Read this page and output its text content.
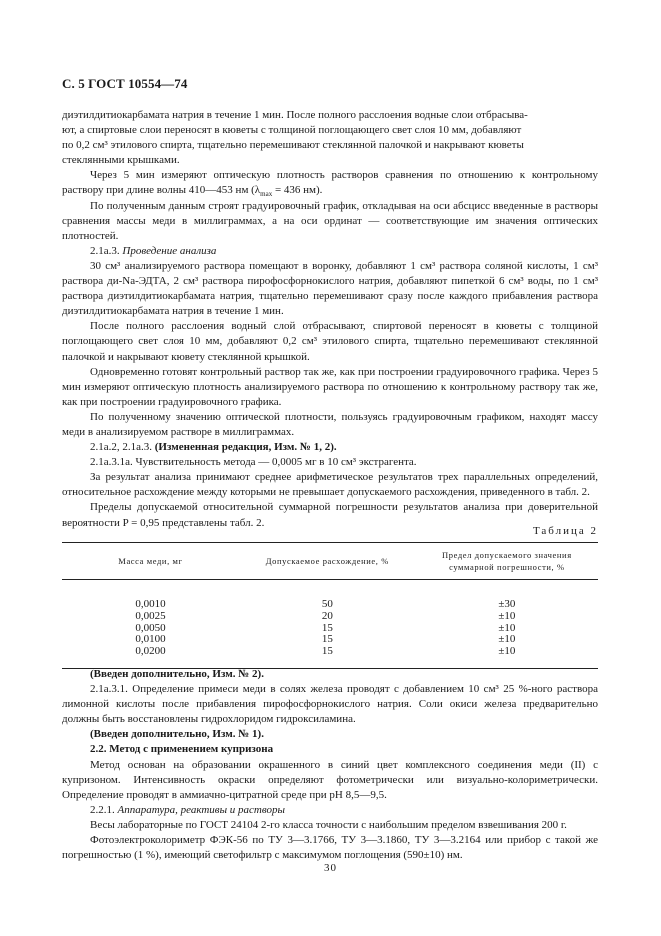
С. 5 ГОСТ 10554—74

диэтилдитиокарбамата натрия в течение 1 мин. После полного расслоения водные слои отбрасыва-

ют, а спиртовые слои переносят в кюветы с толщиной поглощающего свет слоя 10 мм, добавляют

по 0,2 см³ этилового спирта, тщательно перемешивают стеклянной палочкой и накрывают кюветы

стеклянными крышками.

Через 5 мин измеряют оптическую плотность растворов сравнения по отношению к контрольному раствору при длине волны 410—453 нм ($\lambda_{max} = 436$ нм).

По полученным данным строят градуировочный график, откладывая на оси абсцисс введенные в растворы сравнения массы меди в миллиграммах, а на оси ординат — соответствующие им значения оптических плотностей.

2.1а.3. Проведение анализа

30 см³ анализируемого раствора помещают в воронку, добавляют 1 см³ раствора соляной кислоты, 1 см³ раствора ди-Na-ЭДТА, 2 см³ раствора пирофосфорнокислого натрия, добавляют пипеткой 6 см³ воды, по 1 см³ раствора диэтилдитиокарбамата натрия, тщательно перемешивают сразу после каждого прибавления раствора диэтилдитиокарбамата натрия в течение 1 мин.

После полного расслоения водный слой отбрасывают, спиртовой переносят в кюветы с толщиной поглощающего свет слоя 10 мм, добавляют 0,2 см³ этилового спирта, тщательно перемешивают стеклянной палочкой и накрывают кювету стеклянной крышкой.

Одновременно готовят контрольный раствор так же, как при построении градуировочного графика. Через 5 мин измеряют оптическую плотность анализируемого раствора по отношению к контрольному раствору так же, как при построении градуировочного графика.

По полученному значению оптической плотности, пользуясь градуировочным графиком, находят массу меди в анализируемом растворе в миллиграммах.

2.1а.2, 2.1а.3. (Измененная редакция, Изм. № 1, 2).

2.1а.3.1а. Чувствительность метода — 0,0005 мг в 10 см³ экстрагента.

За результат анализа принимают среднее арифметическое результатов трех параллельных определений, относительное расхождение между которыми не превышает допускаемого расхождения, приведенного в табл. 2.

Пределы допускаемой относительной суммарной погрешности результатов анализа при доверительной вероятности P = 0,95 представлены табл. 2.

Таблица 2
Масса меди, мг	Допускаемое расхождение, %	Предел допускаемого значения суммарной погрешности, %
0,0010	50	±30
0,0025	20	±10
0,0050	15	±10
0,0100	15	±10
0,0200	15	±10

(Введен дополнительно, Изм. № 2).

2.1а.3.1. Определение примеси меди в солях железа проводят с добавлением 10 см³ 25 %-ного раствора лимонной кислоты после прибавления пирофосфорнокислого натрия. Соли окиси железа предварительно должны быть восстановлены гидрохлоридом гидроксиламина.

(Введен дополнительно, Изм. № 1).

2.2. Метод с применением купризона

Метод основан на образовании окрашенного в синий цвет комплексного соединения меди (II) с купризоном. Интенсивность окраски определяют фотометрически или визуально-колориметрически. Определение проводят в аммиачно-цитратной среде при pH 8,5—9,5.

2.2.1. Аппаратура, реактивы и растворы

Весы лабораторные по ГОСТ 24104 2-го класса точности с наибольшим пределом взвешивания 200 г.

Фотоэлектроколориметр ФЭК-56 по ТУ 3—3.1766, ТУ 3—3.1860, ТУ 3—3.2164 или прибор с такой же погрешностью (1 %), имеющий светофильтр с максимумом поглощения (590±10) нм.

30
